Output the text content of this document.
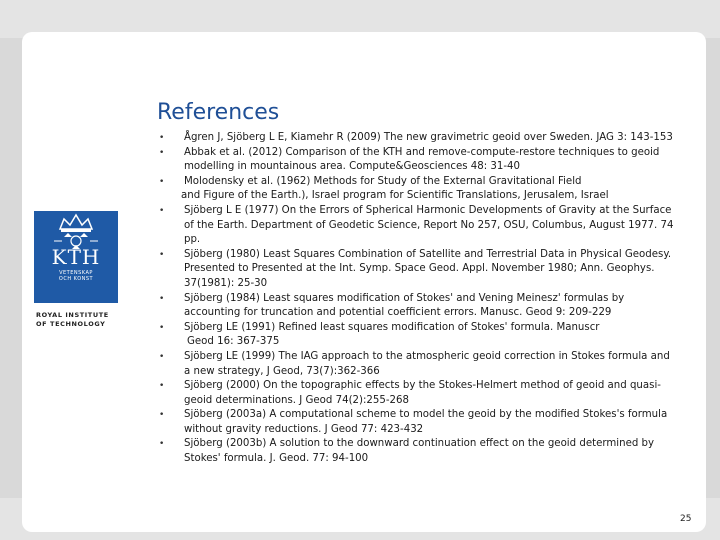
KTH
VETENSKAP
OCH KONST
ROYAL INSTITUTE
OF TECHNOLOGY
References
• Ågren J, Sjöberg L E, Kiamehr R (2009) The new gravimetric geoid over Sweden. JAG 3: 143-153
• Abbak et al. (2012) Comparison of the KTH and remove-compute-restore techniques to geoid modelling in mountainous area. Compute&Geosciences 48: 31-40
• Molodensky et al. (1962) Methods for Study of the External Gravitational Field
and Figure of the Earth.), Israel program for Scientific Translations, Jerusalem, Israel
• Sjöberg L E (1977) On the Errors of Spherical Harmonic Developments of Gravity at the Surface of the Earth. Department of Geodetic Science, Report No 257, OSU, Columbus, August 1977. 74 pp.
• Sjöberg (1980) Least Squares Combination of Satellite and Terrestrial Data in Physical Geodesy. Presented to Presented at the Int. Symp. Space Geod. Appl. November 1980; Ann. Geophys. 37(1981): 25-30
• Sjöberg (1984) Least squares modification of Stokes' and Vening Meinesz' formulas by accounting for truncation and potential coefficient errors. Manusc. Geod 9: 209-229
• Sjöberg LE (1991) Refined least squares modification of Stokes' formula. Manuscr
Geod 16: 367-375
• Sjöberg LE (1999) The IAG approach to the atmospheric geoid correction in Stokes formula and a new strategy, J Geod, 73(7):362-366
• Sjöberg (2000) On the topographic effects by the Stokes-Helmert method of geoid and quasi-geoid determinations. J Geod 74(2):255-268
• Sjöberg (2003a) A computational scheme to model the geoid by the modified Stokes's formula without gravity reductions. J Geod 77: 423-432
• Sjöberg (2003b) A solution to the downward continuation effect on the geoid determined by Stokes' formula. J. Geod. 77: 94-100
25
